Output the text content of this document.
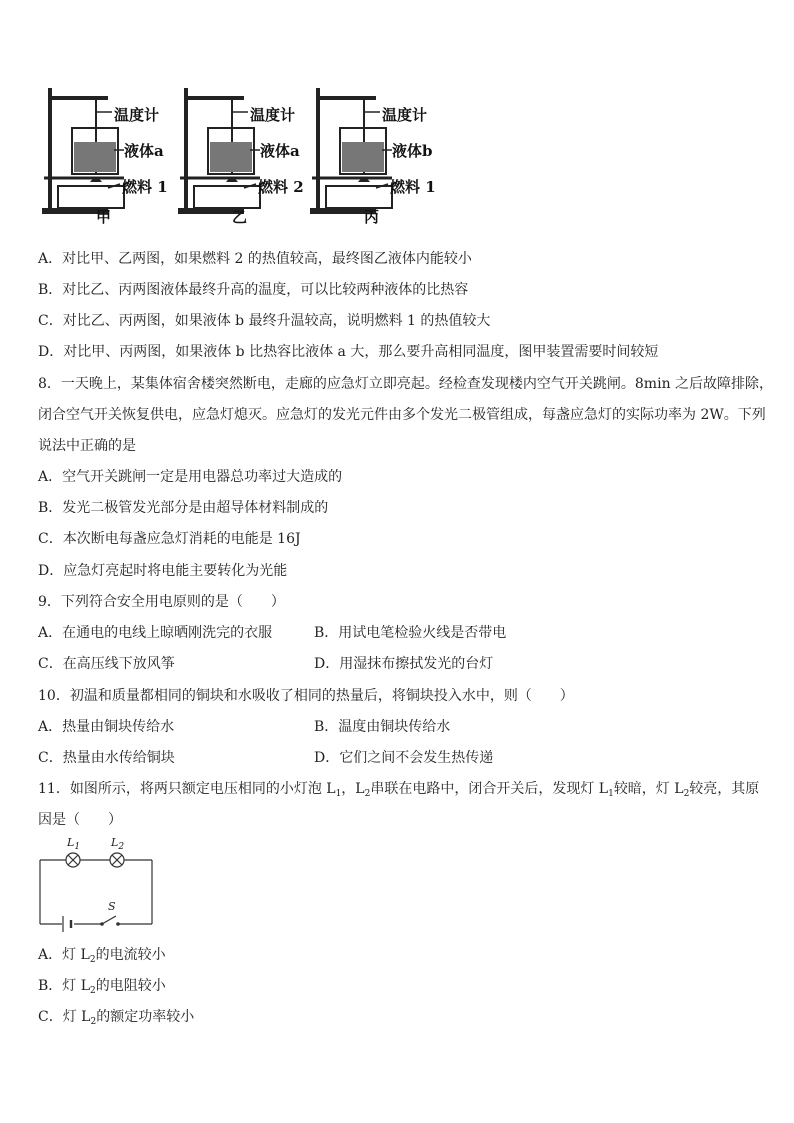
温度计
液体a
燃料 1
甲
温度计
液体a
燃料 2
乙
温度计
液体b
燃料 1
丙
A．对比甲、乙两图，如果燃料 2 的热值较高，最终图乙液体内能较小
B．对比乙、丙两图液体最终升高的温度，可以比较两种液体的比热容
C．对比乙、丙两图，如果液体 b 最终升温较高，说明燃料 1 的热值较大
D．对比甲、丙两图，如果液体 b 比热容比液体 a 大，那么要升高相同温度，图甲装置需要时间较短
8．一天晚上，某集体宿舍楼突然断电，走廊的应急灯立即亮起。经检查发现楼内空气开关跳闸。8min 之后故障排除，
闭合空气开关恢复供电，应急灯熄灭。应急灯的发光元件由多个发光二极管组成，每盏应急灯的实际功率为 2W。下列
说法中正确的是
A．空气开关跳闸一定是用电器总功率过大造成的
B．发光二极管发光部分是由超导体材料制成的
C．本次断电每盏应急灯消耗的电能是 16J
D．应急灯亮起时将电能主要转化为光能
9．下列符合安全用电原则的是（　　）
A．在通电的电线上晾晒刚洗完的衣服	B．用试电笔检验火线是否带电
C．在高压线下放风筝	D．用湿抹布擦拭发光的台灯
10．初温和质量都相同的铜块和水吸收了相同的热量后，将铜块投入水中，则（　　）
A．热量由铜块传给水	B．温度由铜块传给水
C．热量由水传给铜块	D．它们之间不会发生热传递
11．如图所示，将两只额定电压相同的小灯泡 $L_1$，$L_2$串联在电路中，闭合开关后，发现灯 $L_1$较暗，灯 $L_2$较亮，其原
因是（　　）
$L_1$	$L_2$
S
A．灯 $L_2$的电流较小
B．灯 $L_2$的电阻较小
C．灯 $L_2$的额定功率较小
